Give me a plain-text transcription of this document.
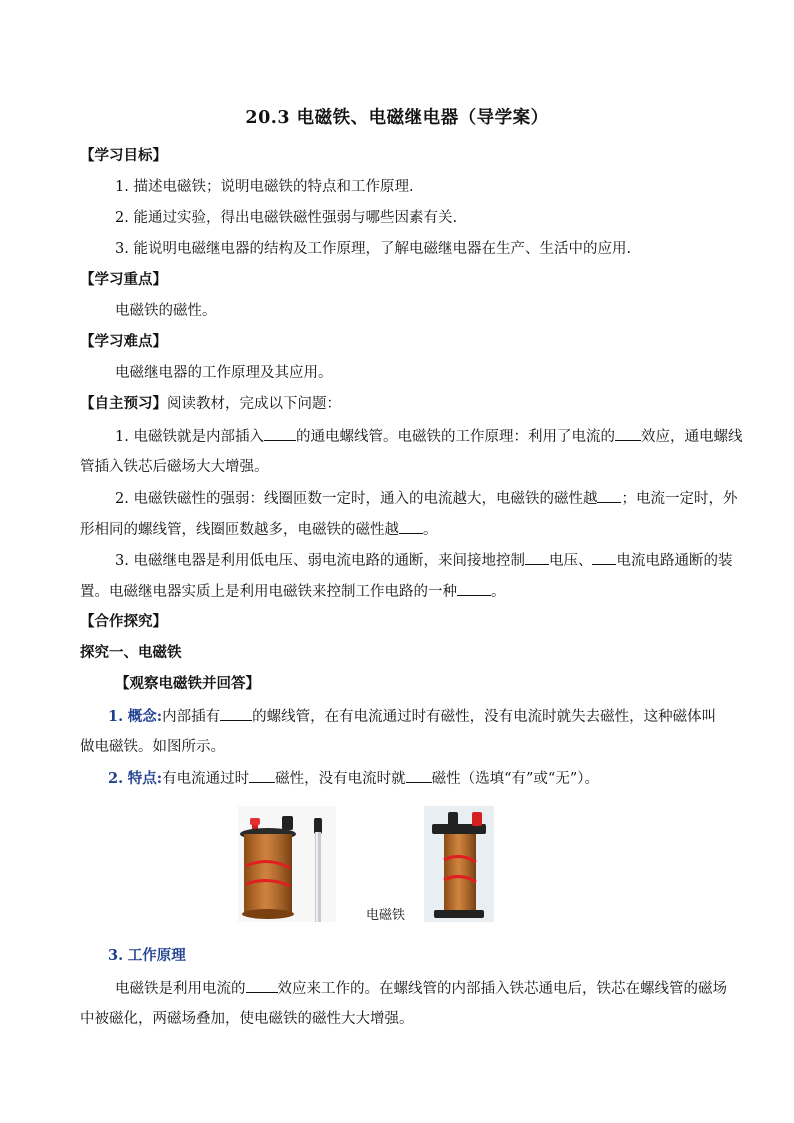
20.3 电磁铁、电磁继电器（导学案）
【学习目标】
1. 描述电磁铁；说明电磁铁的特点和工作原理.
2. 能通过实验，得出电磁铁磁性强弱与哪些因素有关.
3. 能说明电磁继电器的结构及工作原理，了解电磁继电器在生产、生活中的应用.
【学习重点】
电磁铁的磁性。
【学习难点】
电磁继电器的工作原理及其应用。
【自主预习】阅读教材，完成以下问题：
1. 电磁铁就是内部插入 的通电螺线管。电磁铁的工作原理：利用了电流的 效应，通电螺线
管插入铁芯后磁场大大增强。
2. 电磁铁磁性的强弱：线圈匝数一定时，通入的电流越大，电磁铁的磁性越 ；电流一定时，外
形相同的螺线管，线圈匝数越多，电磁铁的磁性越 。
3. 电磁继电器是利用低电压、弱电流电路的通断，来间接地控制 电压、 电流电路通断的装
置。电磁继电器实质上是利用电磁铁来控制工作电路的一种 。
【合作探究】
探究一、电磁铁
【观察电磁铁并回答】
1. 概念:内部插有 的螺线管，在有电流通过时有磁性，没有电流时就失去磁性，这种磁体叫
做电磁铁。如图所示。
2. 特点:有电流通过时 磁性，没有电流时就 磁性（选填“有”或“无”）。
电磁铁
3. 工作原理
电磁铁是利用电流的 效应来工作的。在螺线管的内部插入铁芯通电后，铁芯在螺线管的磁场
中被磁化，两磁场叠加，使电磁铁的磁性大大增强。
